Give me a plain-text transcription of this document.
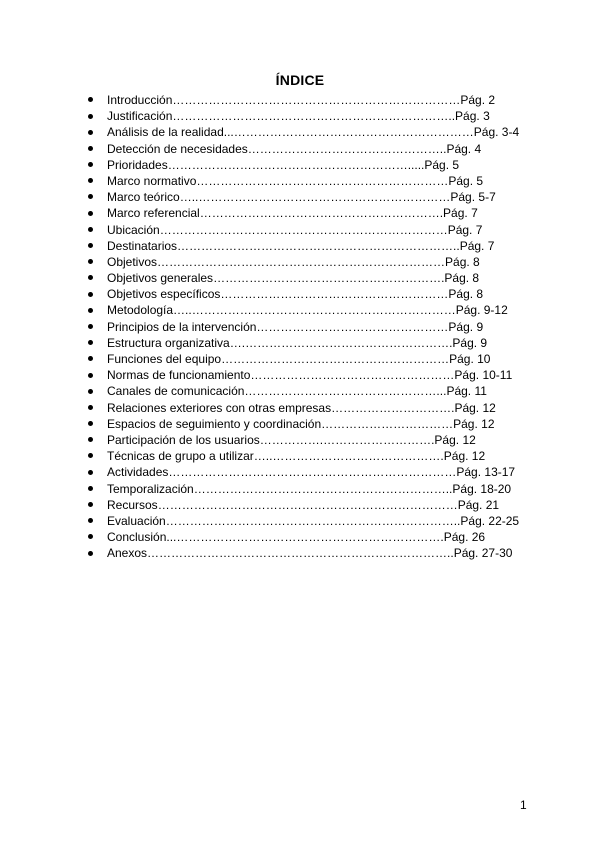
ÍNDICE
Introducción………………………………………………………………Pág. 2
Justificación……………………………………………………………..Pág. 3
Análisis de la realidad...……………………………………………………Pág. 3-4
Detección de necesidades…………………………………………..Pág. 4
Prioridades…………………………………………………….....Pág. 5
Marco normativo………………………………………………………Pág. 5
Marco teórico…..………………………………………………………Pág. 5-7
Marco referencial…………………………………………………….Pág. 7
Ubicación………………………………………………………………Pág. 7
Destinatarios……………………………………………………………..Pág. 7
Objetivos………………………………………………………………Pág. 8
Objetivos generales………………………………………………….Pág. 8
Objetivos específicos…………………………………………………Pág. 8
Metodología…..…………………………………………………………Pág. 9-12
Principios de la intervención…………………………………………Pág. 9
Estructura organizativa….…………………………………………….Pág. 9
Funciones del equipo…………………………………………………Pág. 10
Normas de funcionamiento……………………………………………Pág. 10-11
Canales de comunicación…………………………………………...Pág. 11
Relaciones exteriores con otras empresas………………………….Pág. 12
Espacios de seguimiento y coordinación……………………………Pág. 12
Participación de los usuarios…………….……………………….Pág. 12
Técnicas de grupo a utilizar…..…………………………………….Pág. 12
Actividades………………………………………………………………Pág. 13-17
Temporalización………………………………………………………..Pág. 18-20
Recursos…………………………………………………………………Pág. 21
Evaluación………………………………………………………………..Pág. 22-25
Conclusión...………………………………………………………….Pág. 26
Anexos…………………………………………………………………..Pág. 27-30
1
